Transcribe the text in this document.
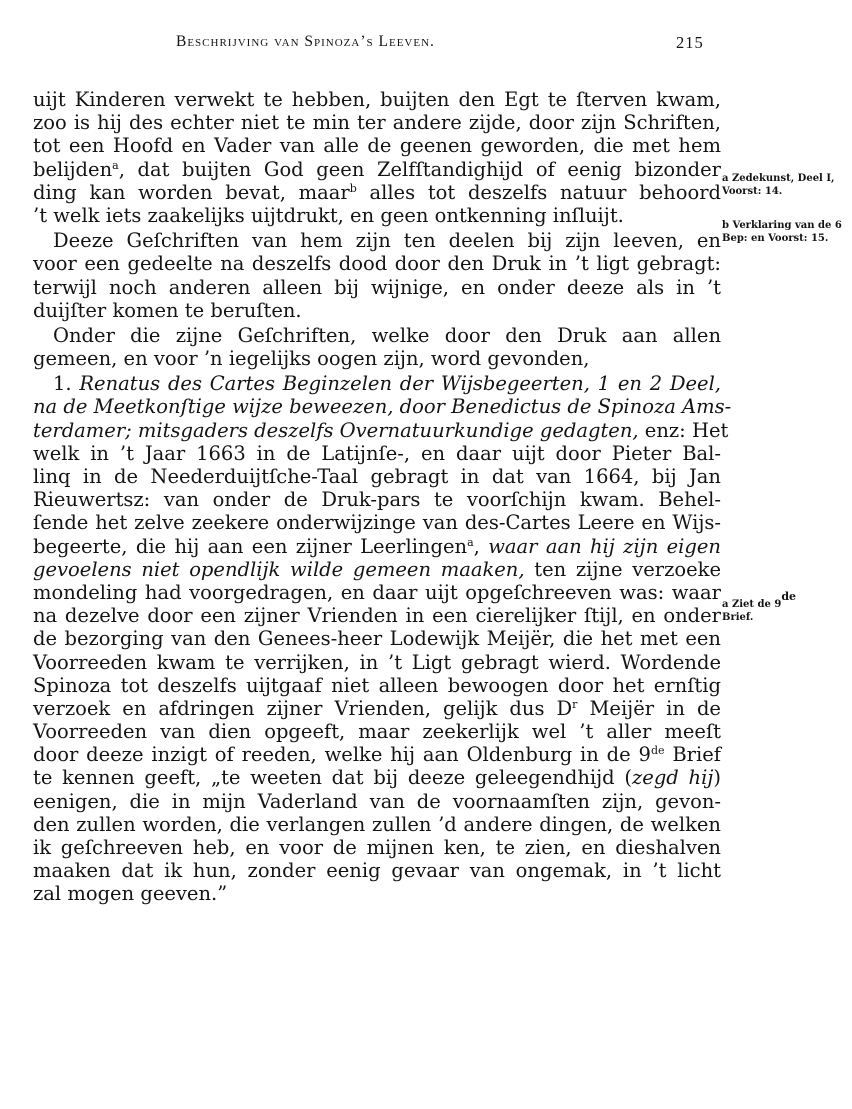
Beschrijving van Spinoza’s Leeven.	215
uijt Kinderen verwekt te hebben, buijten den Egt te ſterven kwam,
zoo is hij des echter niet te min ter andere zijde, door zijn Schriften,
tot een Hoofd en Vader van alle de geenen geworden, die met hem
belijden$^a$, dat buijten God geen Zelfſtandighijd of eenig bizonder
ding kan worden bevat, maar$^b$ alles tot deszelfs natuur behoord
’t welk iets zaakelijks uijtdrukt, en geen ontkenning inſluijt.
Deeze Geſchriften van hem zijn ten deelen bij zijn leeven, en
voor een gedeelte na deszelfs dood door den Druk in ’t ligt gebragt:
terwijl noch anderen alleen bij wijnige, en onder deeze als in ’t
duijſter komen te beruſten.
Onder die zijne Geſchriften, welke door den Druk aan allen
gemeen, en voor ’n iegelijks oogen zijn, word gevonden,
1. Renatus des Cartes Beginzelen der Wijsbegeerten, 1 en 2 Deel,
na de Meetkonſtige wijze beweezen, door Benedictus de Spinoza Ams-
terdamer; mitsgaders deszelfs Overnatuurkundige gedagten, enz: Het
welk in ’t Jaar 1663 in de Latijnſe-, en daar uijt door Pieter Bal-
linq in de Neederduijtſche-Taal gebragt in dat van 1664, bij Jan
Rieuwertsz: van onder de Druk-pars te voorſchijn kwam. Behel-
ſende het zelve zeekere onderwijzinge van des-Cartes Leere en Wijs-
begeerte, die hij aan een zijner Leerlingen$^a$, waar aan hij zijn eigen
gevoelens niet opendlijk wilde gemeen maaken, ten zijne verzoeke
mondeling had voorgedragen, en daar uijt opgeſchreeven was: waar
na dezelve door een zijner Vrienden in een cierelijker ſtijl, en onder
de bezorging van den Genees-heer Lodewijk Meijër, die het met een
Voorreeden kwam te verrijken, in ’t Ligt gebragt wierd. Wordende
Spinoza tot deszelfs uijtgaaf niet alleen bewoogen door het ernſtig
verzoek en afdringen zijner Vrienden, gelijk dus $D^r$ Meijër in de
Voorreeden van dien opgeeft, maar zeekerlijk wel ’t aller meeſt
door deeze inzigt of reeden, welke hij aan Oldenburg in de 9de Brief
te kennen geeft, „te weeten dat bij deeze geleegendhijd (zegd hij)
eenigen, die in mijn Vaderland van de voornaamſten zijn, gevon-
den zullen worden, die verlangen zullen ’d andere dingen, de welken
ik geſchreeven heb, en voor de mijnen ken, te zien, en dieshalven
maaken dat ik hun, zonder eenig gevaar van ongemak, in ’t licht
zal mogen geeven.”
a Zedekunst, Deel I, Voorst: 14.
b Verklaring van de 6 Bep: en Voorst: 15.
a Ziet de 9de
Brief.
